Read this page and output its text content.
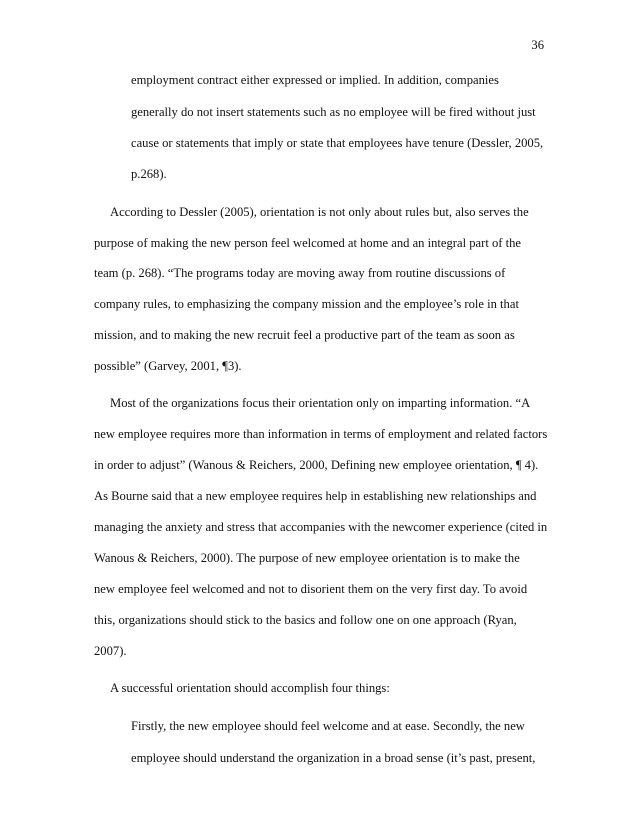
36
employment contract either expressed or implied. In addition, companies
generally do not insert statements such as no employee will be fired without just
cause or statements that imply or state that employees have tenure (Dessler, 2005,
p.268).
According to Dessler (2005), orientation is not only about rules but, also serves the
purpose of making the new person feel welcomed at home and an integral part of the
team (p. 268). “The programs today are moving away from routine discussions of
company rules, to emphasizing the company mission and the employee’s role in that
mission, and to making the new recruit feel a productive part of the team as soon as
possible” (Garvey, 2001, ¶3).
Most of the organizations focus their orientation only on imparting information. “A
new employee requires more than information in terms of employment and related factors
in order to adjust” (Wanous & Reichers, 2000, Defining new employee orientation, ¶ 4).
As Bourne said that a new employee requires help in establishing new relationships and
managing the anxiety and stress that accompanies with the newcomer experience (cited in
Wanous & Reichers, 2000). The purpose of new employee orientation is to make the
new employee feel welcomed and not to disorient them on the very first day. To avoid
this, organizations should stick to the basics and follow one on one approach (Ryan,
2007).
A successful orientation should accomplish four things:
Firstly, the new employee should feel welcome and at ease. Secondly, the new
employee should understand the organization in a broad sense (it’s past, present,
